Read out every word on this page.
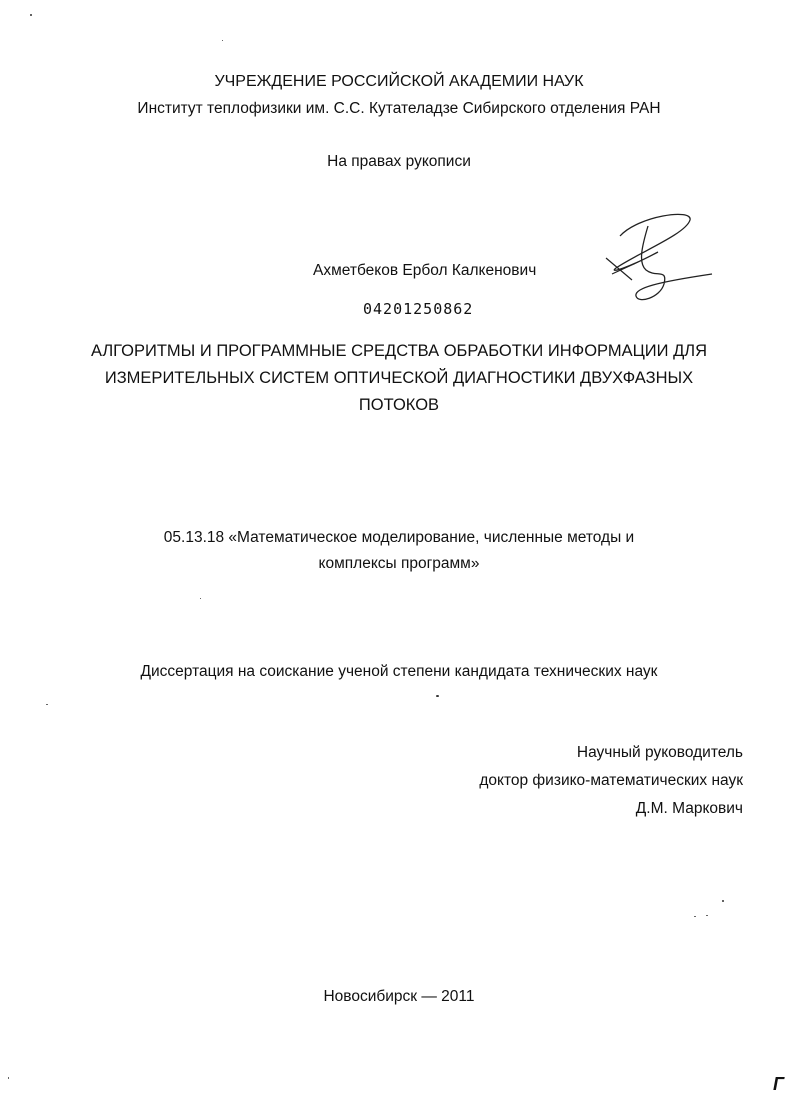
УЧРЕЖДЕНИЕ РОССИЙСКОЙ АКАДЕМИИ НАУК
Институт теплофизики им. С.С. Кутателадзе Сибирского отделения РАН
На правах рукописи
Ахметбеков Ербол Калкенович
04201250862
АЛГОРИТМЫ И ПРОГРАММНЫЕ СРЕДСТВА ОБРАБОТКИ ИНФОРМАЦИИ ДЛЯ
ИЗМЕРИТЕЛЬНЫХ СИСТЕМ ОПТИЧЕСКОЙ ДИАГНОСТИКИ ДВУХФАЗНЫХ
ПОТОКОВ
05.13.18 «Математическое моделирование, численные методы и
комплексы программ»
Диссертация на соискание ученой степени кандидата технических наук
Научный руководитель
доктор физико-математических наук
Д.М. Маркович
Новосибирск — 2011
Г
